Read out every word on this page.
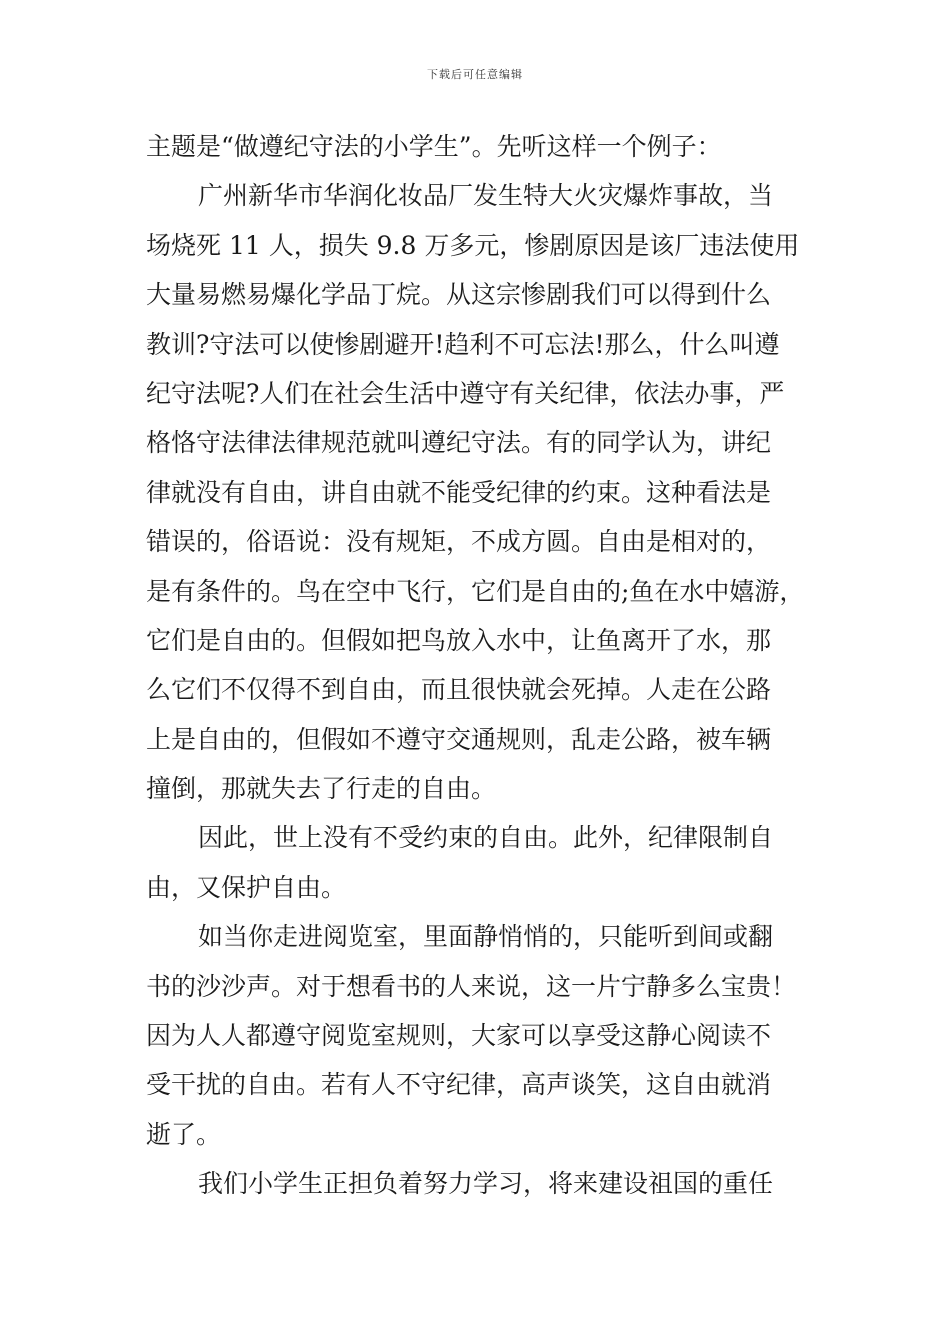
下载后可任意编辑
主题是“做遵纪守法的小学生”。先听这样一个例子：
广州新华市华润化妆品厂发生特大火灾爆炸事故，当
场烧死 11 人，损失 9.8 万多元，惨剧原因是该厂违法使用
大量易燃易爆化学品丁烷。从这宗惨剧我们可以得到什么
教训?守法可以使惨剧避开!趋利不可忘法!那么，什么叫遵
纪守法呢?人们在社会生活中遵守有关纪律，依法办事，严
格恪守法律法律规范就叫遵纪守法。有的同学认为，讲纪
律就没有自由，讲自由就不能受纪律的约束。这种看法是
错误的，俗语说：没有规矩，不成方圆。自由是相对的，
是有条件的。鸟在空中飞行，它们是自由的;鱼在水中嬉游，
它们是自由的。但假如把鸟放入水中，让鱼离开了水，那
么它们不仅得不到自由，而且很快就会死掉。人走在公路
上是自由的，但假如不遵守交通规则，乱走公路，被车辆
撞倒，那就失去了行走的自由。
因此，世上没有不受约束的自由。此外，纪律限制自
由，又保护自由。
如当你走进阅览室，里面静悄悄的，只能听到间或翻
书的沙沙声。对于想看书的人来说，这一片宁静多么宝贵！
因为人人都遵守阅览室规则，大家可以享受这静心阅读不
受干扰的自由。若有人不守纪律，高声谈笑，这自由就消
逝了。
我们小学生正担负着努力学习，将来建设祖国的重任
